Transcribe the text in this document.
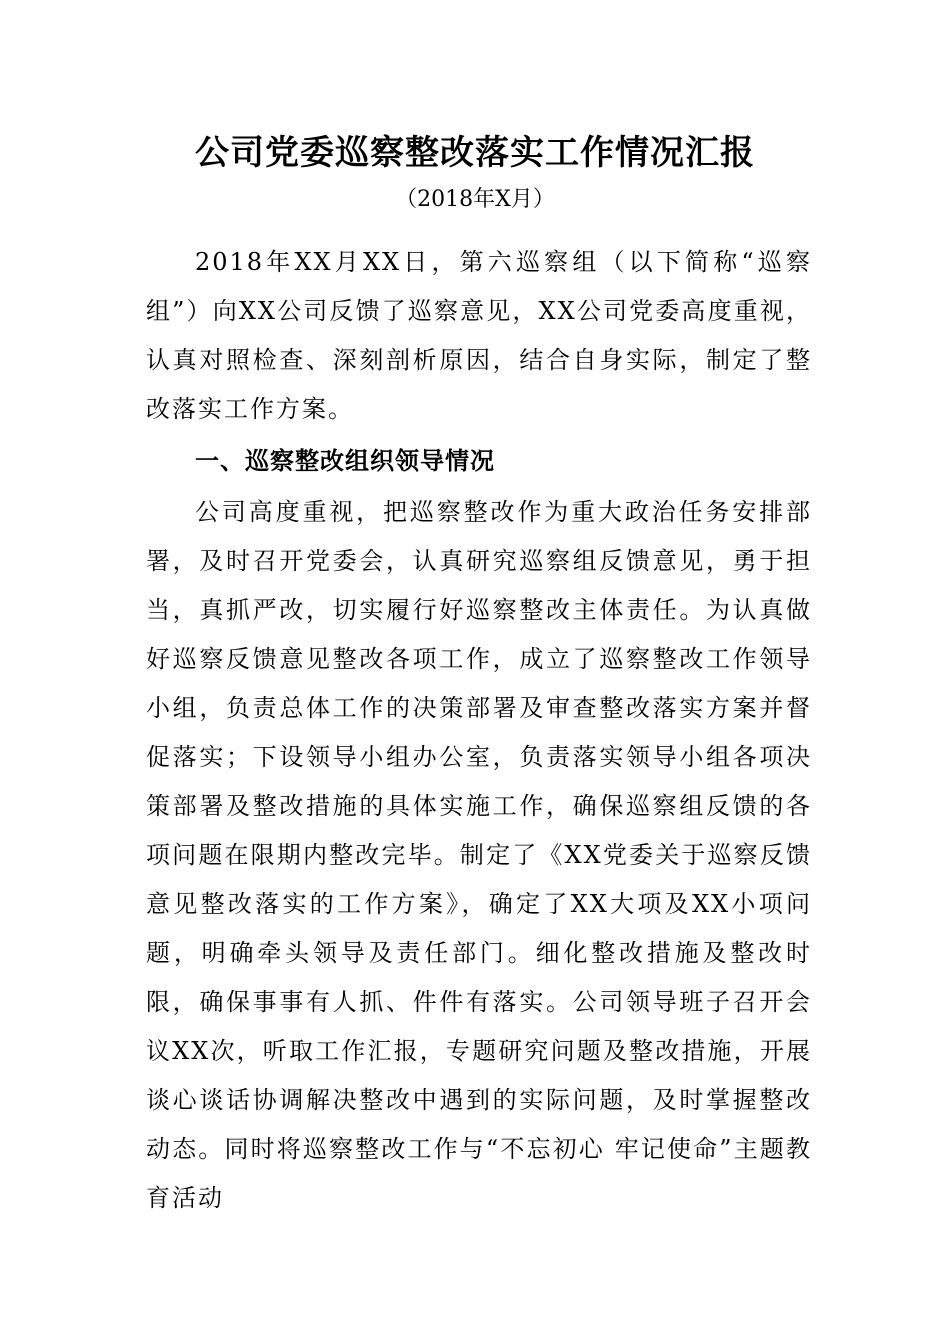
公司党委巡察整改落实工作情况汇报
（2018年X月）
2018年XX月XX日，第六巡察组（以下简称“巡察组”）向XX公司反馈了巡察意见，XX公司党委高度重视，认真对照检查、深刻剖析原因，结合自身实际，制定了整改落实工作方案。
一、巡察整改组织领导情况
公司高度重视，把巡察整改作为重大政治任务安排部署，及时召开党委会，认真研究巡察组反馈意见，勇于担当，真抓严改，切实履行好巡察整改主体责任。为认真做好巡察反馈意见整改各项工作，成立了巡察整改工作领导小组，负责总体工作的决策部署及审查整改落实方案并督促落实；下设领导小组办公室，负责落实领导小组各项决策部署及整改措施的具体实施工作，确保巡察组反馈的各项问题在限期内整改完毕。制定了《XX党委关于巡察反馈意见整改落实的工作方案》，确定了XX大项及XX小项问题，明确牵头领导及责任部门。细化整改措施及整改时限，确保事事有人抓、件件有落实。公司领导班子召开会议XX次，听取工作汇报，专题研究问题及整改措施，开展谈心谈话协调解决整改中遇到的实际问题，及时掌握整改动态。同时将巡察整改工作与“不忘初心 牢记使命”主题教育活动
